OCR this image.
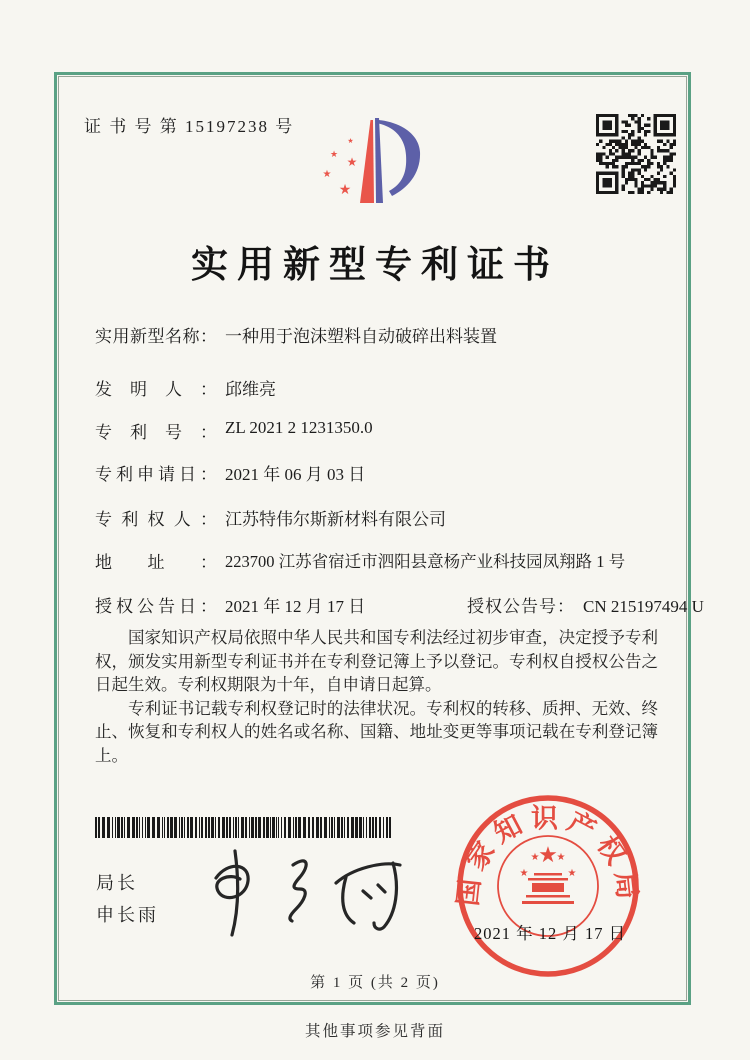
证 书 号 第 15197238 号
★
★
★
★
★
实用新型专利证书
实用新型名称： 一种用于泡沫塑料自动破碎出料装置
发明人： 邱维亮
专利号： ZL 2021 2 1231350.0
专利申请日： 2021 年 06 月 03 日
专利权人： 江苏特伟尔斯新材料有限公司
地址： 223700 江苏省宿迁市泗阳县意杨产业科技园凤翔路 1 号
授权公告日： 2021 年 12 月 17 日	授权公告号： CN 215197494 U

国家知识产权局依照中华人民共和国专利法经过初步审查，决定授予专利权，颁发实用新型专利证书并在专利登记簿上予以登记。专利权自授权公告之日起生效。专利权期限为十年，自申请日起算。

专利证书记载专利权登记时的法律状况。专利权的转移、质押、无效、终止、恢复和专利权人的姓名或名称、国籍、地址变更等事项记载在专利登记簿上。

局长
申长雨
国家知识产权局
★
★
★ ★
★
2021 年 12 月 17 日
第 1 页 (共 2 页)
其他事项参见背面
